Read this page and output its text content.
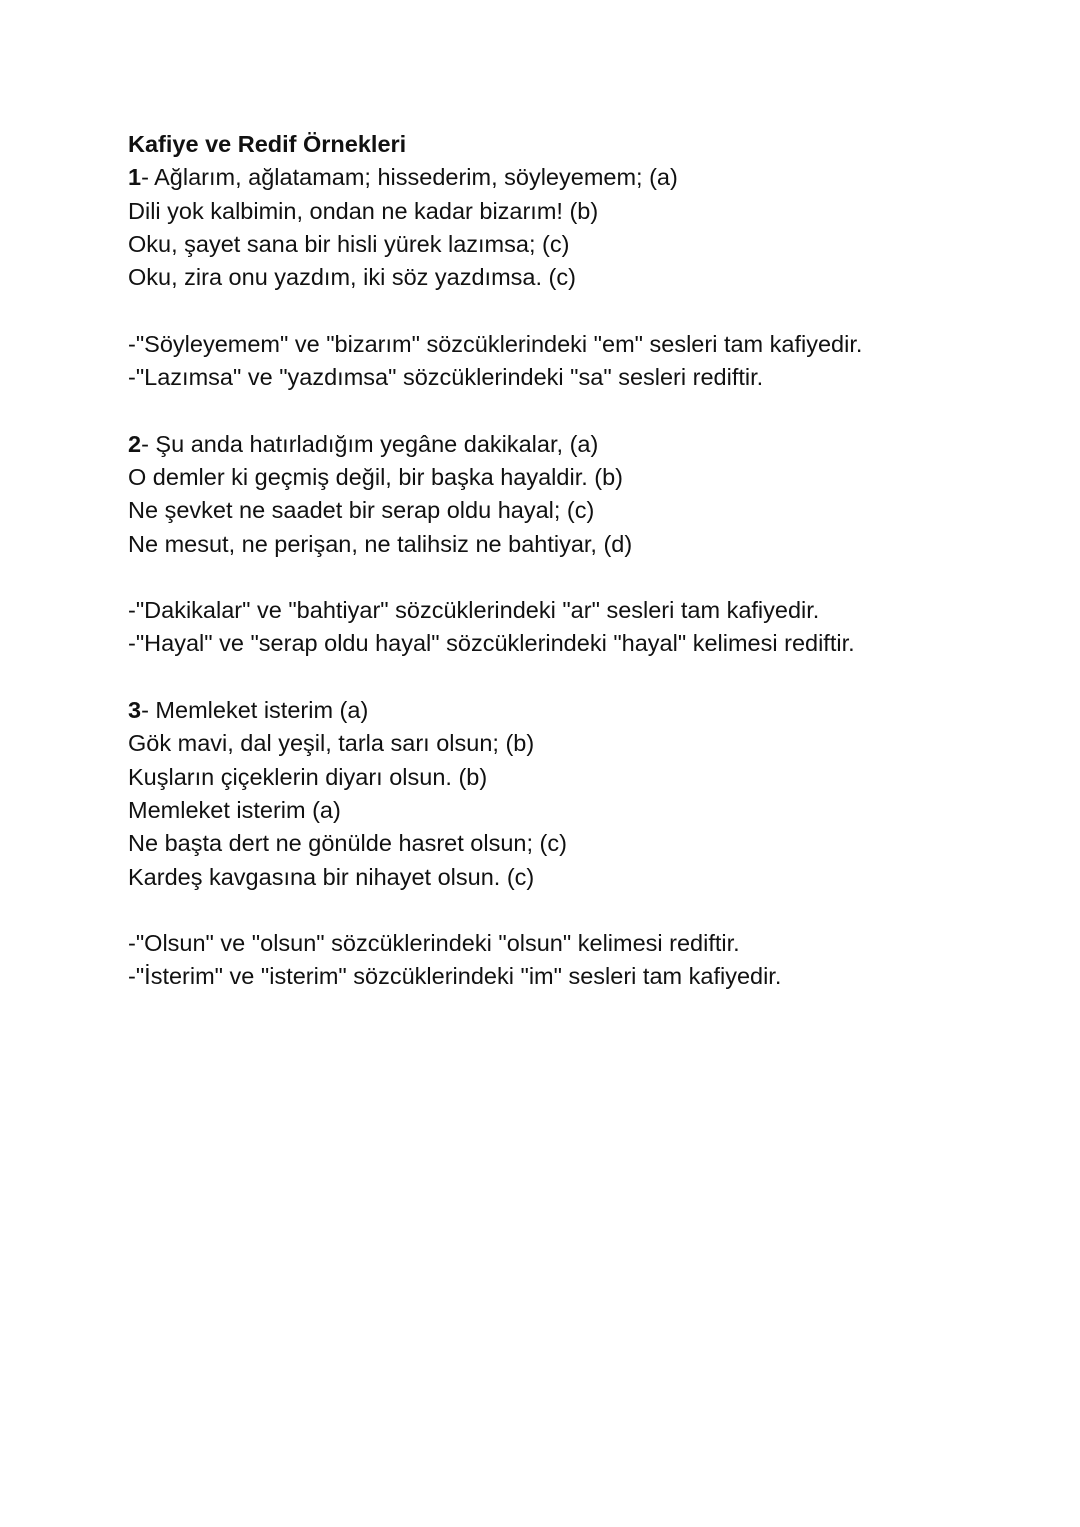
Kafiye ve Redif Örnekleri

1- Ağlarım, ağlatamam; hissederim, söyleyemem; (a)

Dili yok kalbimin, ondan ne kadar bizarım! (b)

Oku, şayet sana bir hisli yürek lazımsa; (c)

Oku, zira onu yazdım, iki söz yazdımsa. (c)

-"Söyleyemem" ve "bizarım" sözcüklerindeki "em" sesleri tam kafiyedir.

-"Lazımsa" ve "yazdımsa" sözcüklerindeki "sa" sesleri rediftir.

2- Şu anda hatırladığım yegâne dakikalar, (a)

O demler ki geçmiş değil, bir başka hayaldir. (b)

Ne şevket ne saadet bir serap oldu hayal; (c)

Ne mesut, ne perişan, ne talihsiz ne bahtiyar, (d)

-"Dakikalar" ve "bahtiyar" sözcüklerindeki "ar" sesleri tam kafiyedir.

-"Hayal" ve "serap oldu hayal" sözcüklerindeki "hayal" kelimesi rediftir.

3- Memleket isterim (a)

Gök mavi, dal yeşil, tarla sarı olsun; (b)

Kuşların çiçeklerin diyarı olsun. (b)

Memleket isterim (a)

Ne başta dert ne gönülde hasret olsun; (c)

Kardeş kavgasına bir nihayet olsun. (c)

-"Olsun" ve "olsun" sözcüklerindeki "olsun" kelimesi rediftir.

-"İsterim" ve "isterim" sözcüklerindeki "im" sesleri tam kafiyedir.
